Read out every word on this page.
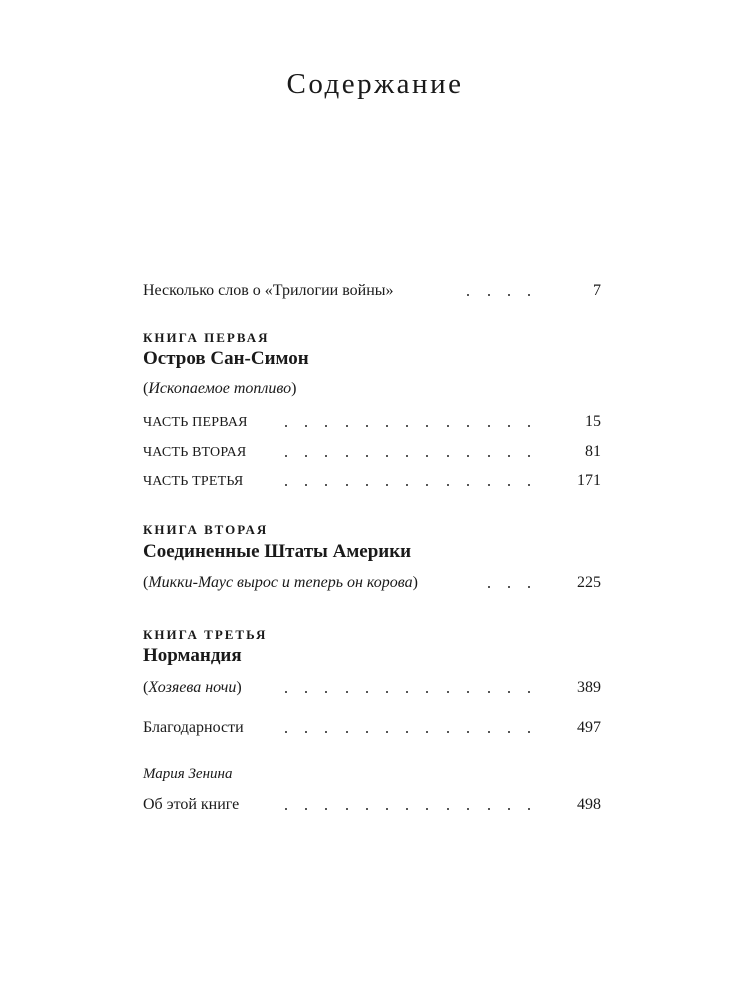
Содержание
Несколько слов о «Трилогии войны»	7
КНИГА ПЕРВАЯ
Остров Сан-Симон
(Ископаемое топливо)
ЧАСТЬ ПЕРВАЯ	15
ЧАСТЬ ВТОРАЯ	81
ЧАСТЬ ТРЕТЬЯ	171
КНИГА ВТОРАЯ
Соединенные Штаты Америки
(Микки-Маус вырос и теперь он корова)	225
КНИГА ТРЕТЬЯ
Нормандия
(Хозяева ночи)	389
Благодарности	497
Мария Зенина
Об этой книге	498
